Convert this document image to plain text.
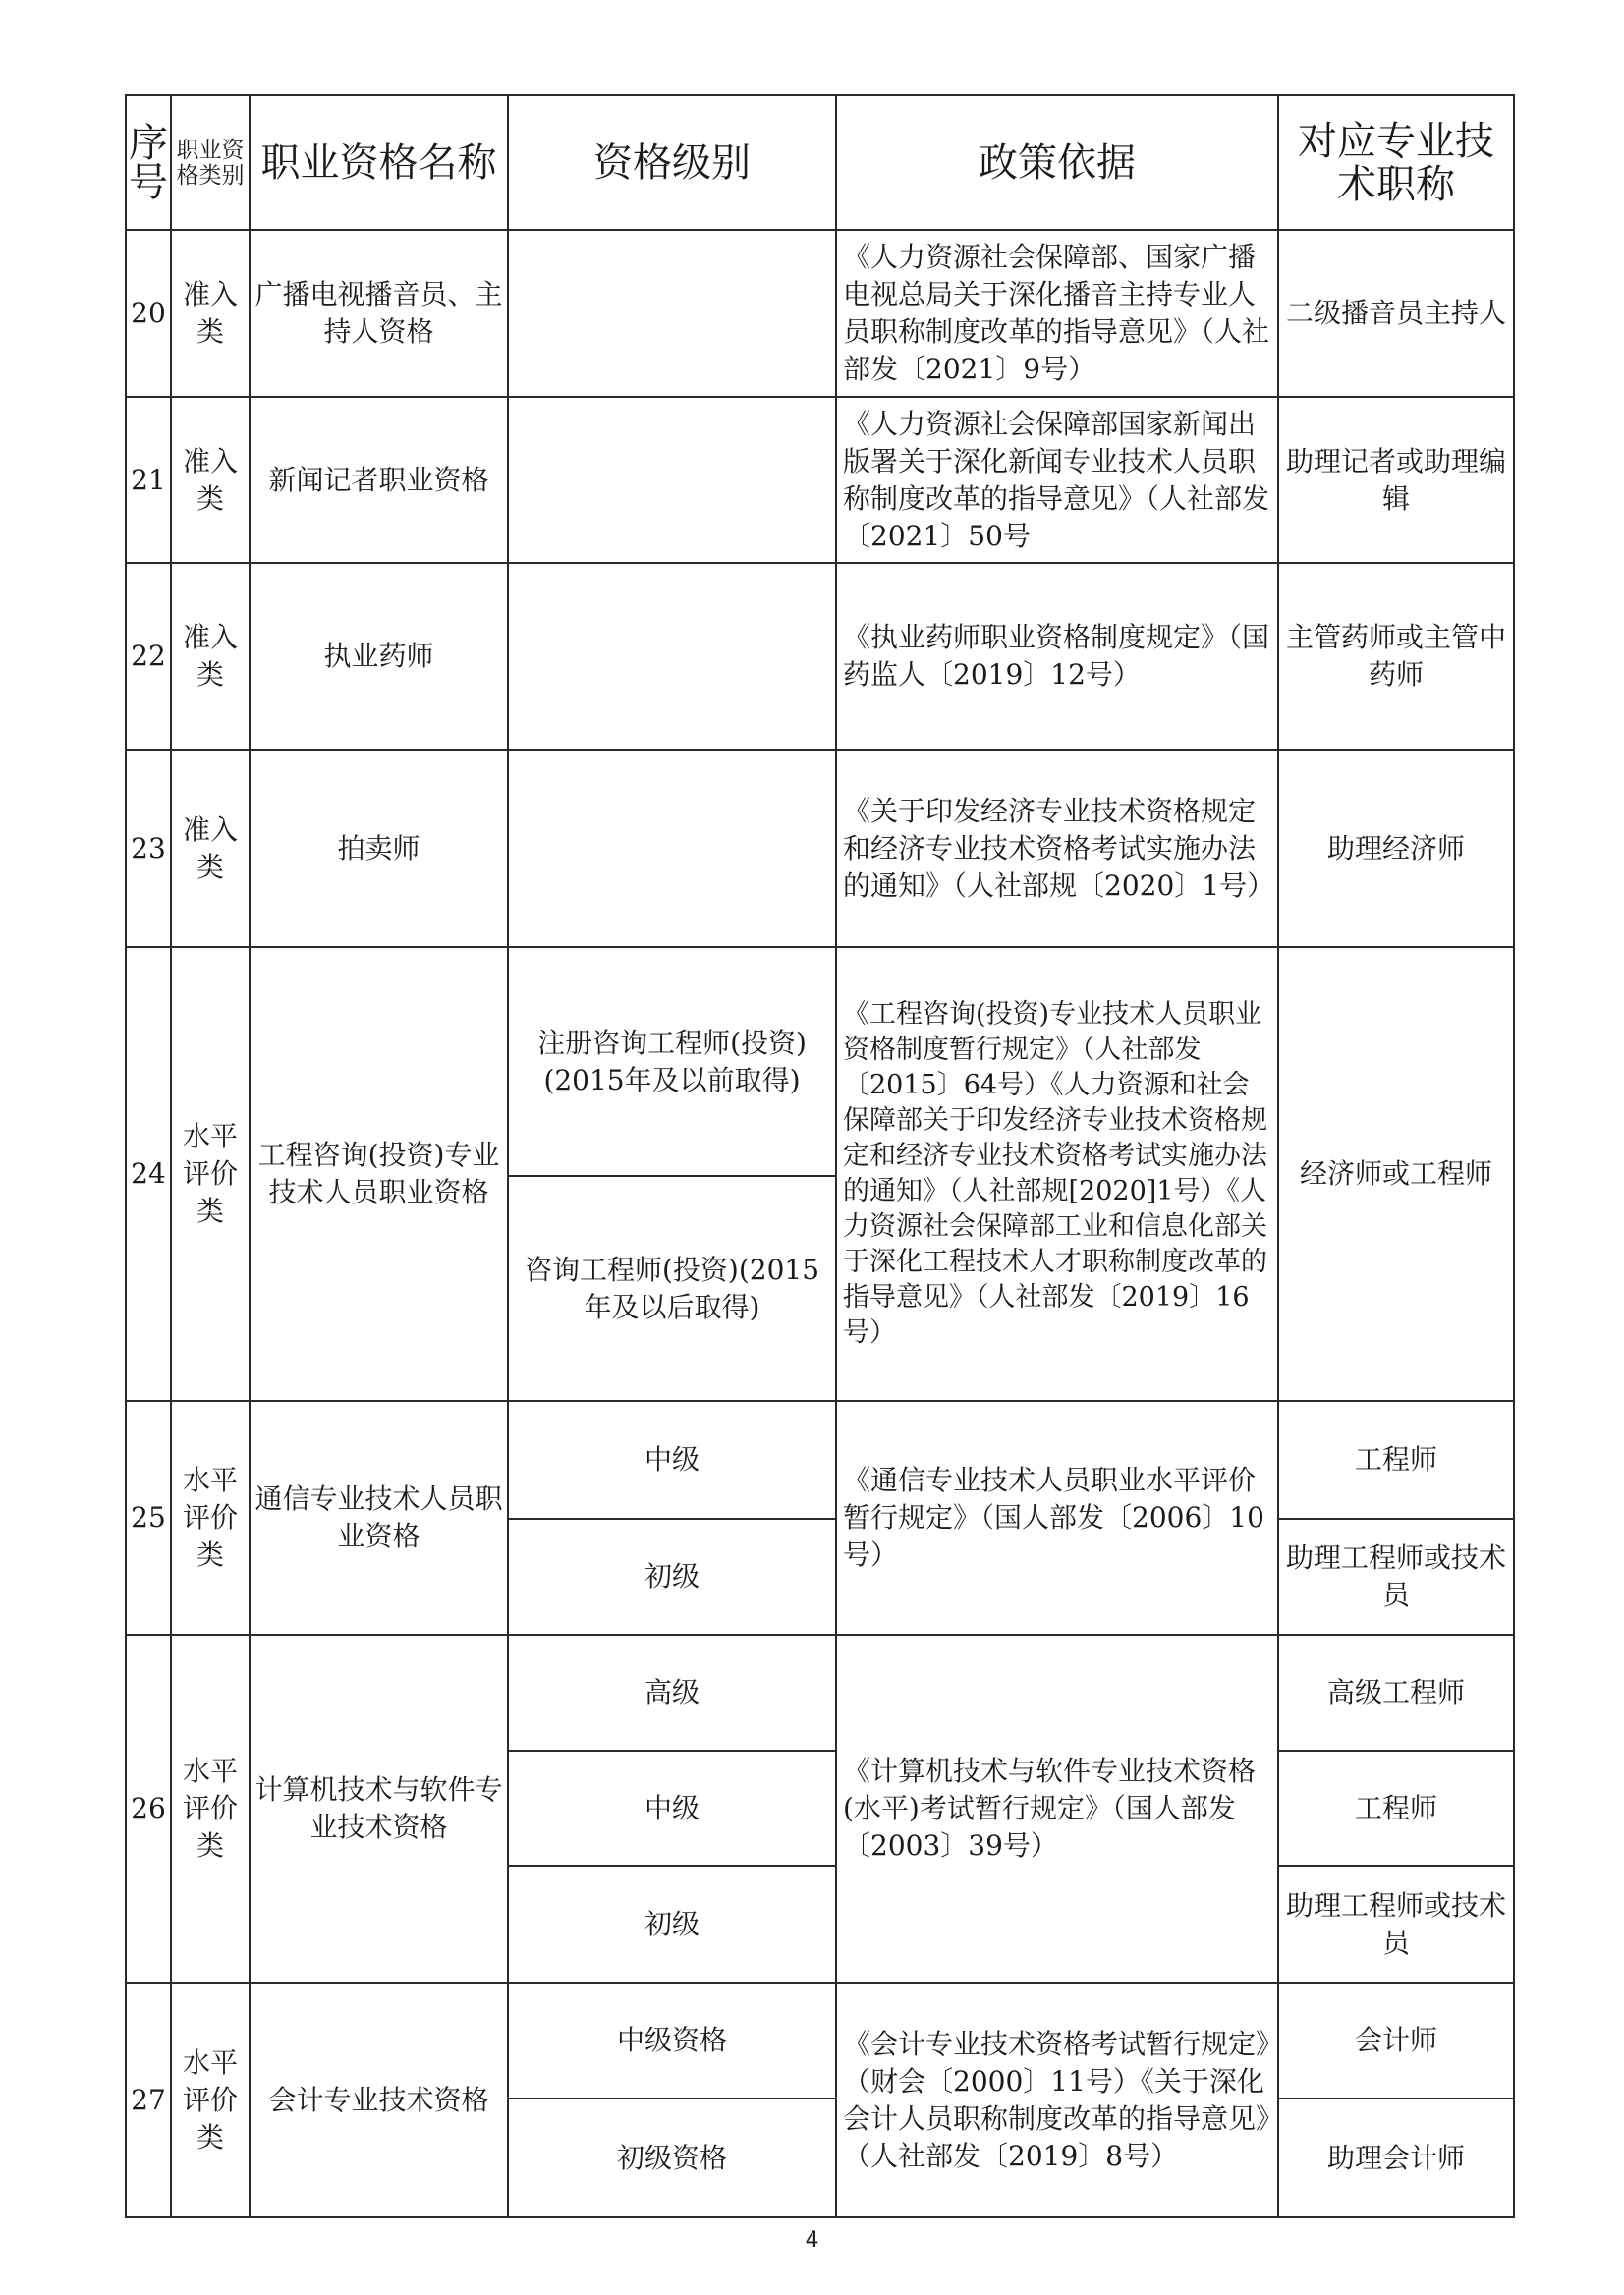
序号	职业资格类别	职业资格名称	资格级别	政策依据	对应专业技术职称
20	准入类	广播电视播音员、主持人资格		《人力资源社会保障部、国家广播电视总局关于深化播音主持专业人员职称制度改革的指导意见》（人社部发〔2021〕9号）	二级播音员主持人
21	准入类	新闻记者职业资格		《人力资源社会保障部国家新闻出版署关于深化新闻专业技术人员职称制度改革的指导意见》（人社部发〔2021〕50号	助理记者或助理编辑
22	准入类	执业药师		《执业药师职业资格制度规定》（国药监人〔2019〕12号）	主管药师或主管中药师
23	准入类	拍卖师		《关于印发经济专业技术资格规定和经济专业技术资格考试实施办法的通知》（人社部规〔2020〕1号）	助理经济师
24	水平评价类	工程咨询(投资)专业技术人员职业资格	注册咨询工程师(投资)(2015年及以前取得)	《工程咨询(投资)专业技术人员职业资格制度暂行规定》（人社部发〔2015〕64号）《人力资源和社会保障部关于印发经济专业技术资格规定和经济专业技术资格考试实施办法的通知》（人社部规[2020]1号）《人力资源社会保障部工业和信息化部关于深化工程技术人才职称制度改革的指导意见》（人社部发〔2019〕16号）	经济师或工程师
			咨询工程师(投资)(2015年及以后取得)		
25	水平评价类	通信专业技术人员职业资格	中级	《通信专业技术人员职业水平评价暂行规定》（国人部发〔2006〕10号）	工程师
			初级		助理工程师或技术员
26	水平评价类	计算机技术与软件专业技术资格	高级	《计算机技术与软件专业技术资格(水平)考试暂行规定》（国人部发〔2003〕39号）	高级工程师
			中级		工程师
			初级		助理工程师或技术员
27	水平评价类	会计专业技术资格	中级资格	《会计专业技术资格考试暂行规定》（财会〔2000〕11号）《关于深化会计人员职称制度改革的指导意见》（人社部发〔2019〕8号）	会计师
			初级资格		助理会计师
4
